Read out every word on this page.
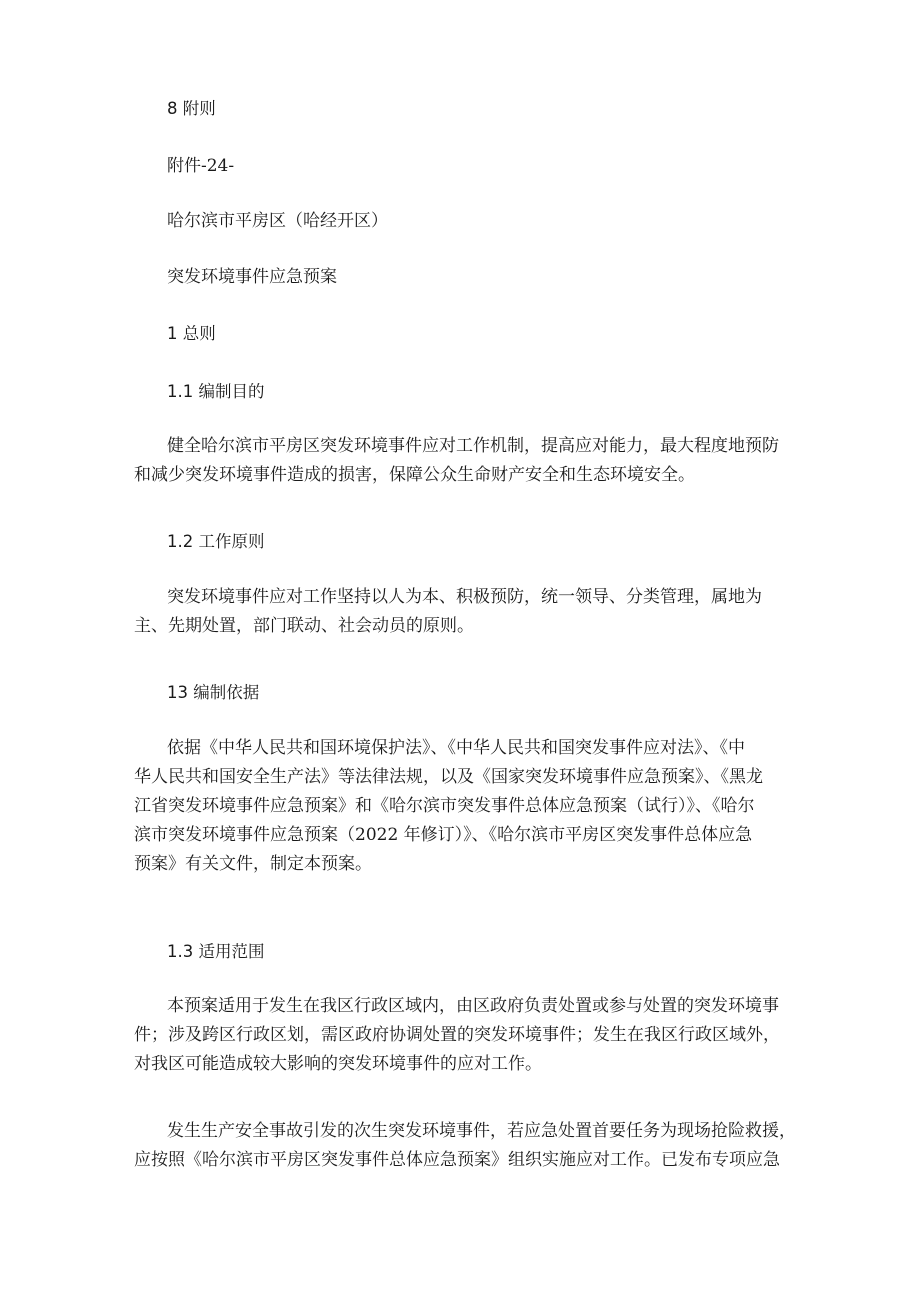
8 附则

附件-24-

哈尔滨市平房区（哈经开区）

突发环境事件应急预案

1 总则

1.1 编制目的

健全哈尔滨市平房区突发环境事件应对工作机制，提高应对能力，最大程度地预防
和减少突发环境事件造成的损害，保障公众生命财产安全和生态环境安全。

1.2 工作原则

突发环境事件应对工作坚持以人为本、积极预防，统一领导、分类管理，属地为
主、先期处置，部门联动、社会动员的原则。

13 编制依据

依据《中华人民共和国环境保护法》、《中华人民共和国突发事件应对法》、《中
华人民共和国安全生产法》等法律法规，以及《国家突发环境事件应急预案》、《黑龙
江省突发环境事件应急预案》和《哈尔滨市突发事件总体应急预案（试行）》、《哈尔
滨市突发环境事件应急预案（2022 年修订）》、《哈尔滨市平房区突发事件总体应急
预案》有关文件，制定本预案。

1.3 适用范围

本预案适用于发生在我区行政区域内，由区政府负责处置或参与处置的突发环境事
件；涉及跨区行政区划，需区政府协调处置的突发环境事件；发生在我区行政区域外，
对我区可能造成较大影响的突发环境事件的应对工作。
发生生产安全事故引发的次生突发环境事件，若应急处置首要任务为现场抢险救援，
应按照《哈尔滨市平房区突发事件总体应急预案》组织实施应对工作。已发布专项应急
